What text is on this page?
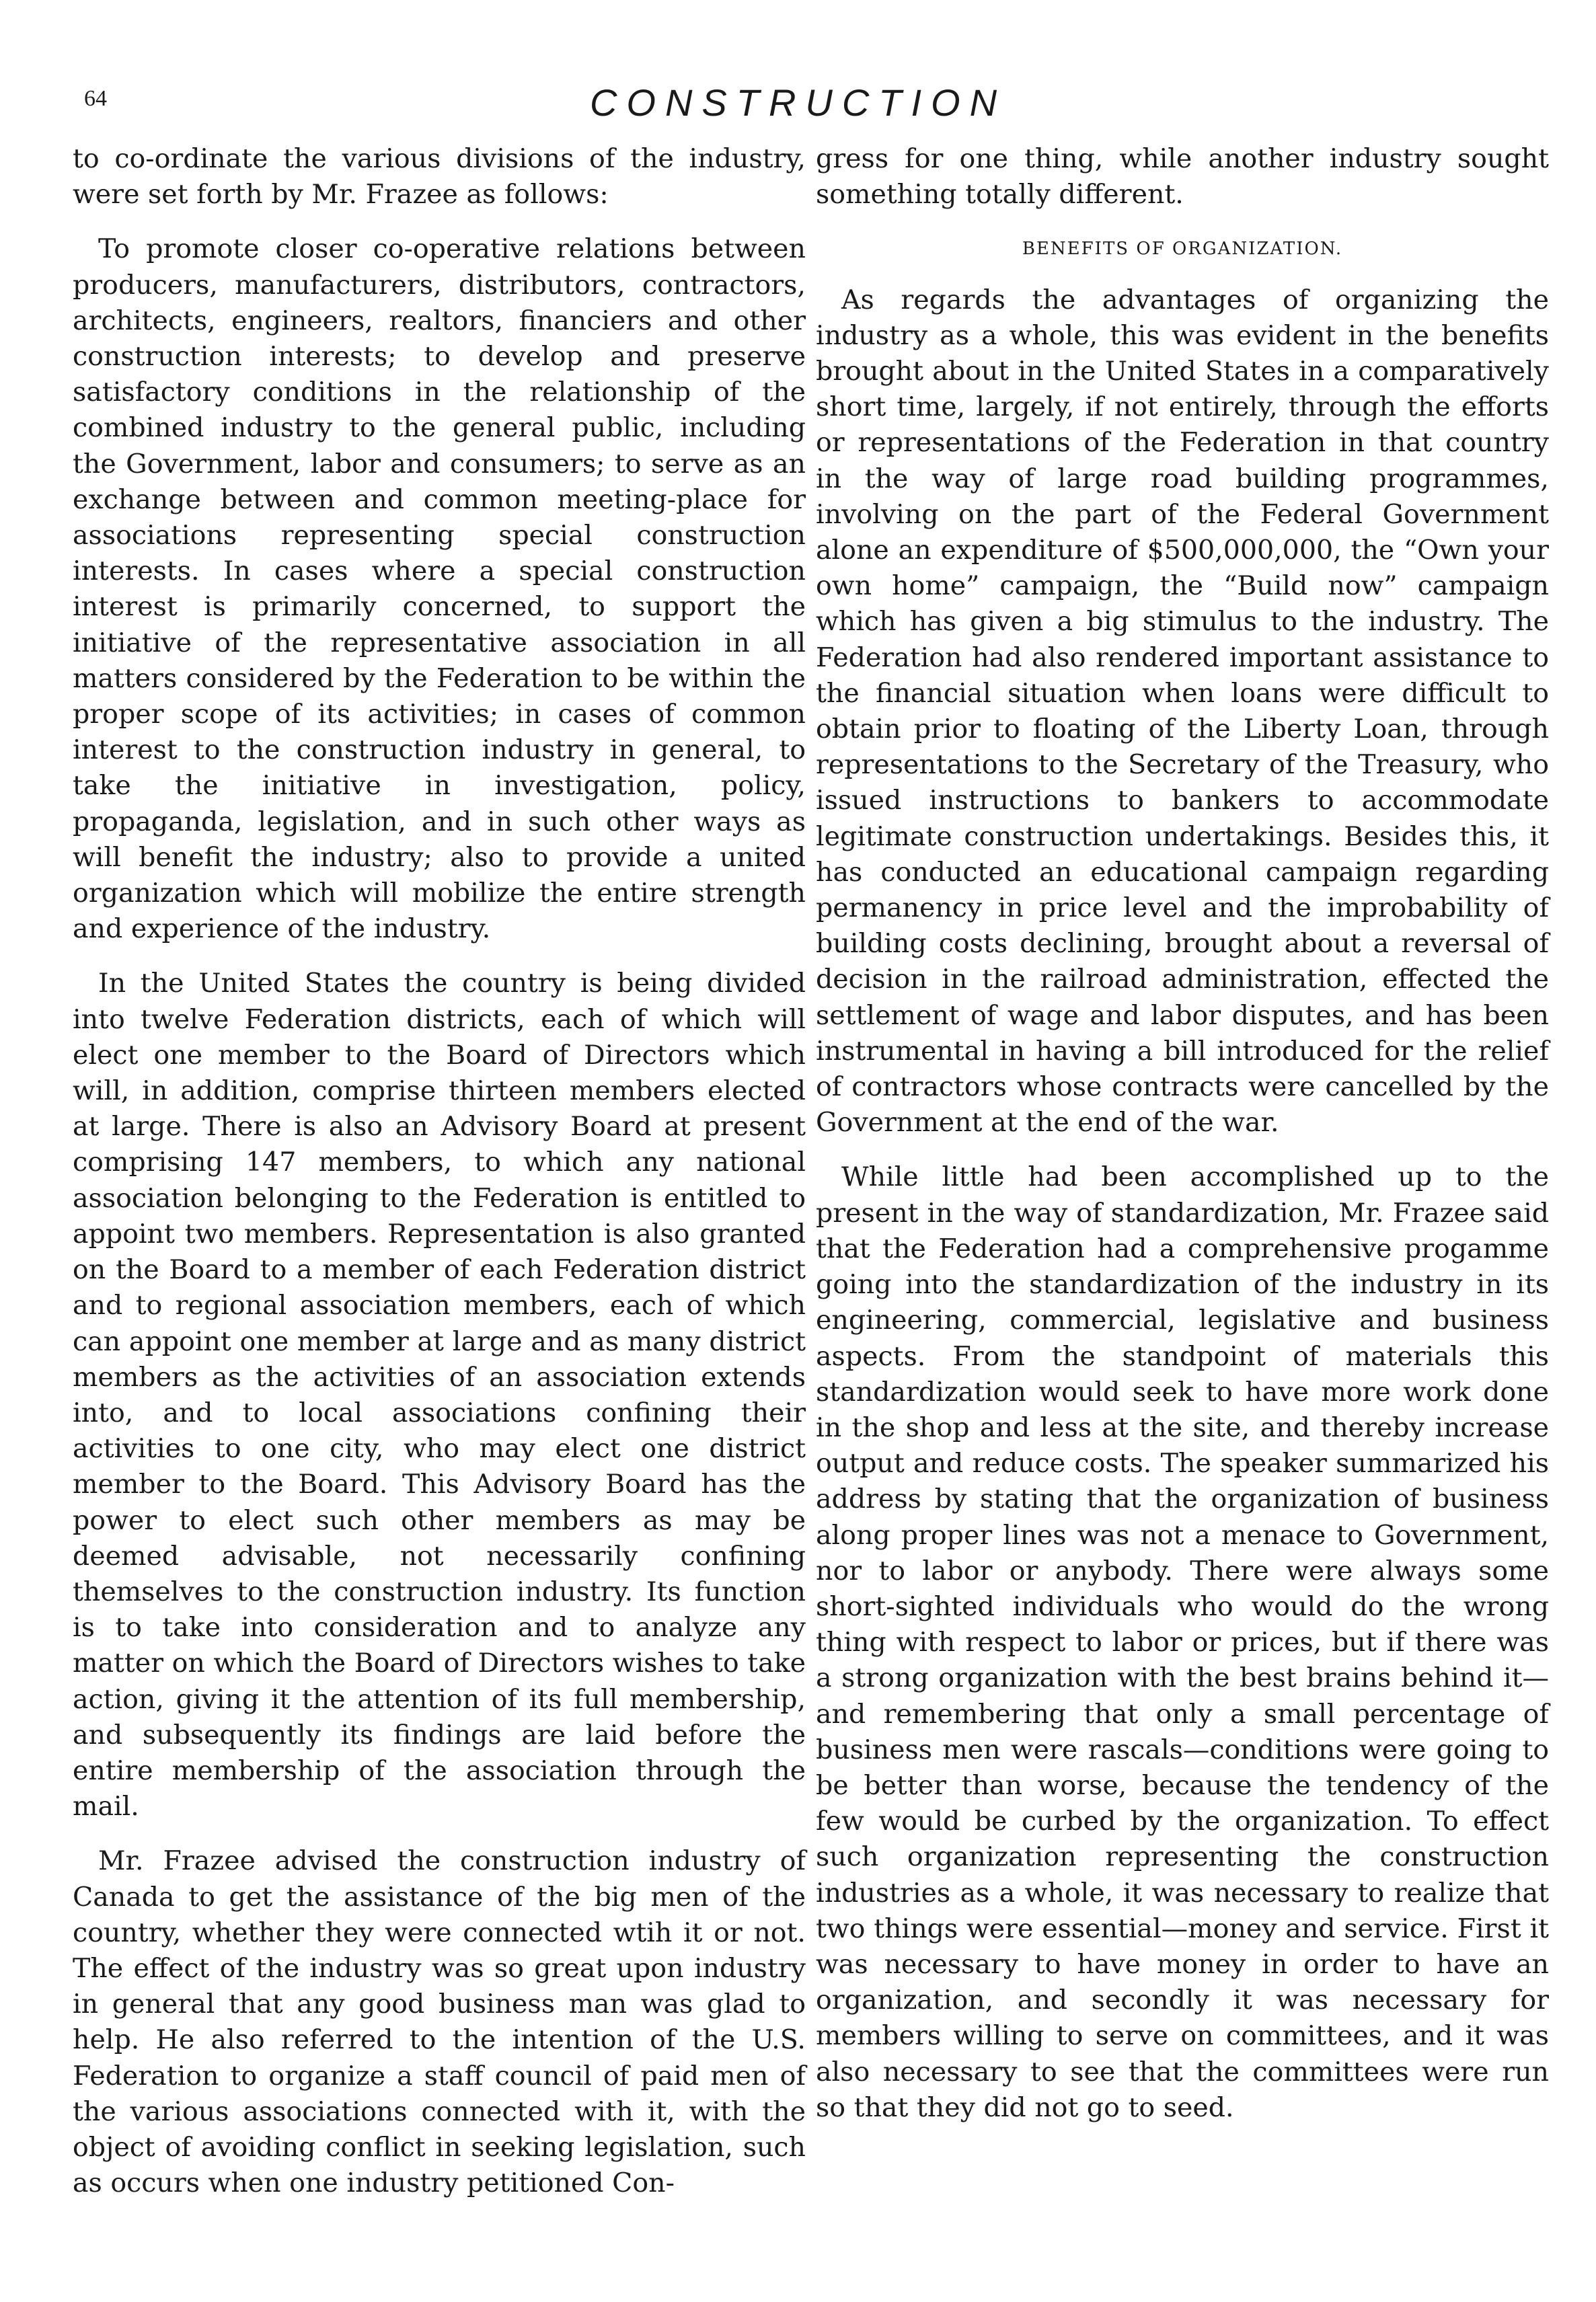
64	CONSTRUCTION

to co-ordinate the various divisions of the industry, were set forth by Mr. Frazee as follows:

To promote closer co-operative relations between producers, manufacturers, distributors, contractors, architects, engineers, realtors, financiers and other construction interests; to develop and preserve satisfactory conditions in the relationship of the combined industry to the general public, including the Government, labor and consumers; to serve as an exchange between and common meeting-place for associations representing special construction interests. In cases where a special construction interest is primarily concerned, to support the initiative of the representative association in all matters considered by the Federation to be within the proper scope of its activities; in cases of common interest to the construction industry in general, to take the initiative in investigation, policy, propaganda, legislation, and in such other ways as will benefit the industry; also to provide a united organization which will mobilize the entire strength and experience of the industry.

In the United States the country is being divided into twelve Federation districts, each of which will elect one member to the Board of Directors which will, in addition, comprise thirteen members elected at large. There is also an Advisory Board at present comprising 147 members, to which any national association belonging to the Federation is entitled to appoint two members. Representation is also granted on the Board to a member of each Federation district and to regional association members, each of which can appoint one member at large and as many district members as the activities of an association extends into, and to local associations confining their activities to one city, who may elect one district member to the Board. This Advisory Board has the power to elect such other members as may be deemed advisable, not necessarily confining themselves to the construction industry. Its function is to take into consideration and to analyze any matter on which the Board of Directors wishes to take action, giving it the attention of its full membership, and subsequently its findings are laid before the entire membership of the association through the mail.

Mr. Frazee advised the construction industry of Canada to get the assistance of the big men of the country, whether they were connected wtih it or not. The effect of the industry was so great upon industry in general that any good business man was glad to help. He also referred to the intention of the U.S. Federation to organize a staff council of paid men of the various associations connected with it, with the object of avoiding conflict in seeking legislation, such as occurs when one industry petitioned Con-

gress for one thing, while another industry sought something totally different.

BENEFITS OF ORGANIZATION.

As regards the advantages of organizing the industry as a whole, this was evident in the benefits brought about in the United States in a comparatively short time, largely, if not entirely, through the efforts or representations of the Federation in that country in the way of large road building programmes, involving on the part of the Federal Government alone an expenditure of $500,000,000, the “Own your own home” campaign, the “Build now” campaign which has given a big stimulus to the industry. The Federation had also rendered important assistance to the financial situation when loans were difficult to obtain prior to floating of the Liberty Loan, through representations to the Secretary of the Treasury, who issued instructions to bankers to accommodate legitimate construction undertakings. Besides this, it has conducted an educational campaign regarding permanency in price level and the improbability of building costs declining, brought about a reversal of decision in the railroad administration, effected the settlement of wage and labor disputes, and has been instrumental in having a bill introduced for the relief of contractors whose contracts were cancelled by the Government at the end of the war.

While little had been accomplished up to the present in the way of standardization, Mr. Frazee said that the Federation had a comprehensive progamme going into the standardization of the industry in its engineering, commercial, legislative and business aspects. From the standpoint of materials this standardization would seek to have more work done in the shop and less at the site, and thereby increase output and reduce costs. The speaker summarized his address by stating that the organization of business along proper lines was not a menace to Government, nor to labor or anybody. There were always some short-sighted individuals who would do the wrong thing with respect to labor or prices, but if there was a strong organization with the best brains behind it—and remembering that only a small percentage of business men were rascals—conditions were going to be better than worse, because the tendency of the few would be curbed by the organization. To effect such organization representing the construction industries as a whole, it was necessary to realize that two things were essential—money and service. First it was necessary to have money in order to have an organization, and secondly it was necessary for members willing to serve on committees, and it was also necessary to see that the committees were run so that they did not go to seed.
